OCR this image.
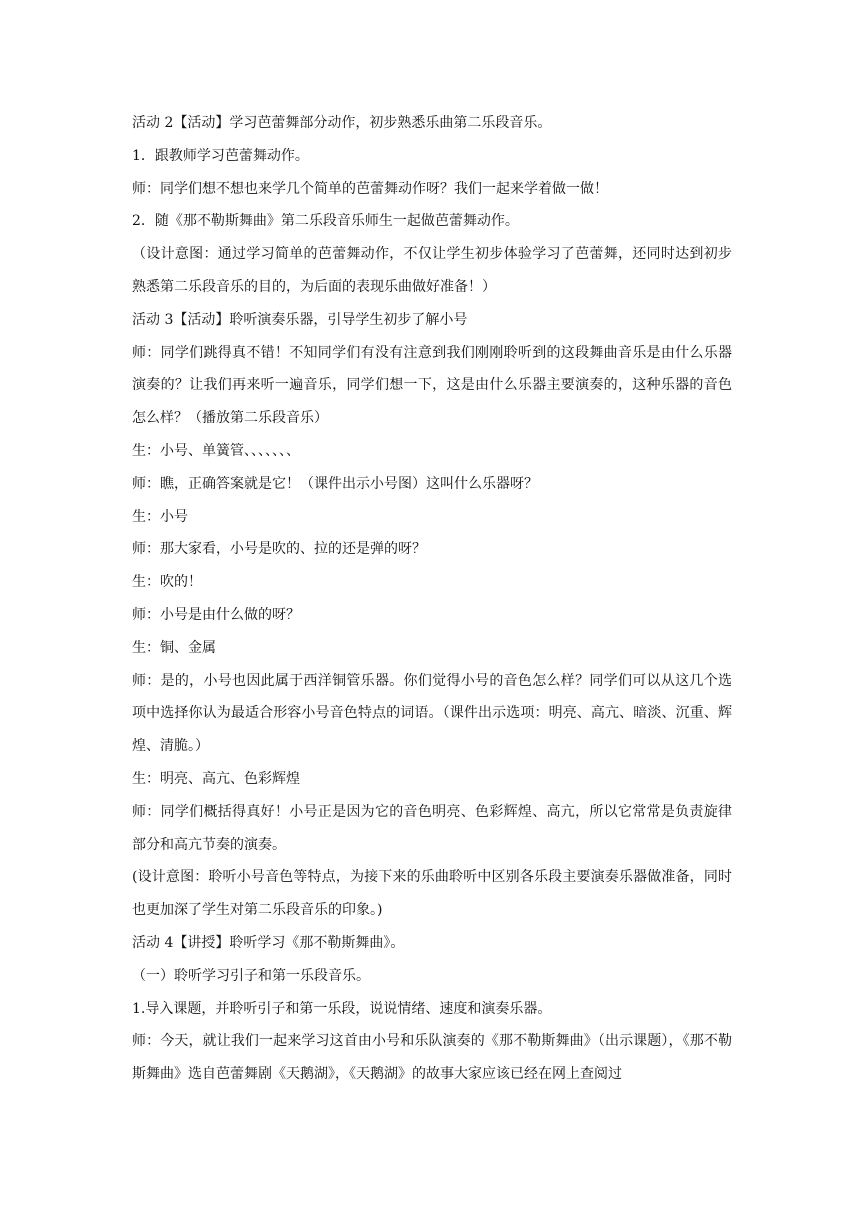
活动 2【活动】学习芭蕾舞部分动作，初步熟悉乐曲第二乐段音乐。

1．跟教师学习芭蕾舞动作。

师：同学们想不想也来学几个简单的芭蕾舞动作呀？我们一起来学着做一做！

2．随《那不勒斯舞曲》第二乐段音乐师生一起做芭蕾舞动作。

（设计意图：通过学习简单的芭蕾舞动作，不仅让学生初步体验学习了芭蕾舞，还同时达到初步熟悉第二乐段音乐的目的，为后面的表现乐曲做好准备！）

活动 3【活动】聆听演奏乐器，引导学生初步了解小号

师：同学们跳得真不错！不知同学们有没有注意到我们刚刚聆听到的这段舞曲音乐是由什么乐器演奏的？让我们再来听一遍音乐，同学们想一下，这是由什么乐器主要演奏的，这种乐器的音色怎么样？（播放第二乐段音乐）

生：小号、单簧管、、、、、、、

师：瞧，正确答案就是它！（课件出示小号图）这叫什么乐器呀？

生：小号

师：那大家看，小号是吹的、拉的还是弹的呀？

生：吹的！

师：小号是由什么做的呀？

生：铜、金属

师：是的，小号也因此属于西洋铜管乐器。你们觉得小号的音色怎么样？同学们可以从这几个选项中选择你认为最适合形容小号音色特点的词语。（课件出示选项：明亮、高亢、暗淡、沉重、辉煌、清脆。）

生：明亮、高亢、色彩辉煌

师：同学们概括得真好！小号正是因为它的音色明亮、色彩辉煌、高亢，所以它常常是负责旋律部分和高亢节奏的演奏。

(设计意图：聆听小号音色等特点，为接下来的乐曲聆听中区别各乐段主要演奏乐器做准备，同时也更加深了学生对第二乐段音乐的印象。)

活动 4【讲授】聆听学习《那不勒斯舞曲》。

（一）聆听学习引子和第一乐段音乐。

1.导入课题，并聆听引子和第一乐段，说说情绪、速度和演奏乐器。

师：今天，就让我们一起来学习这首由小号和乐队演奏的《那不勒斯舞曲》（出示课题），《那不勒斯舞曲》选自芭蕾舞剧《天鹅湖》，《天鹅湖》的故事大家应该已经在网上查阅过
